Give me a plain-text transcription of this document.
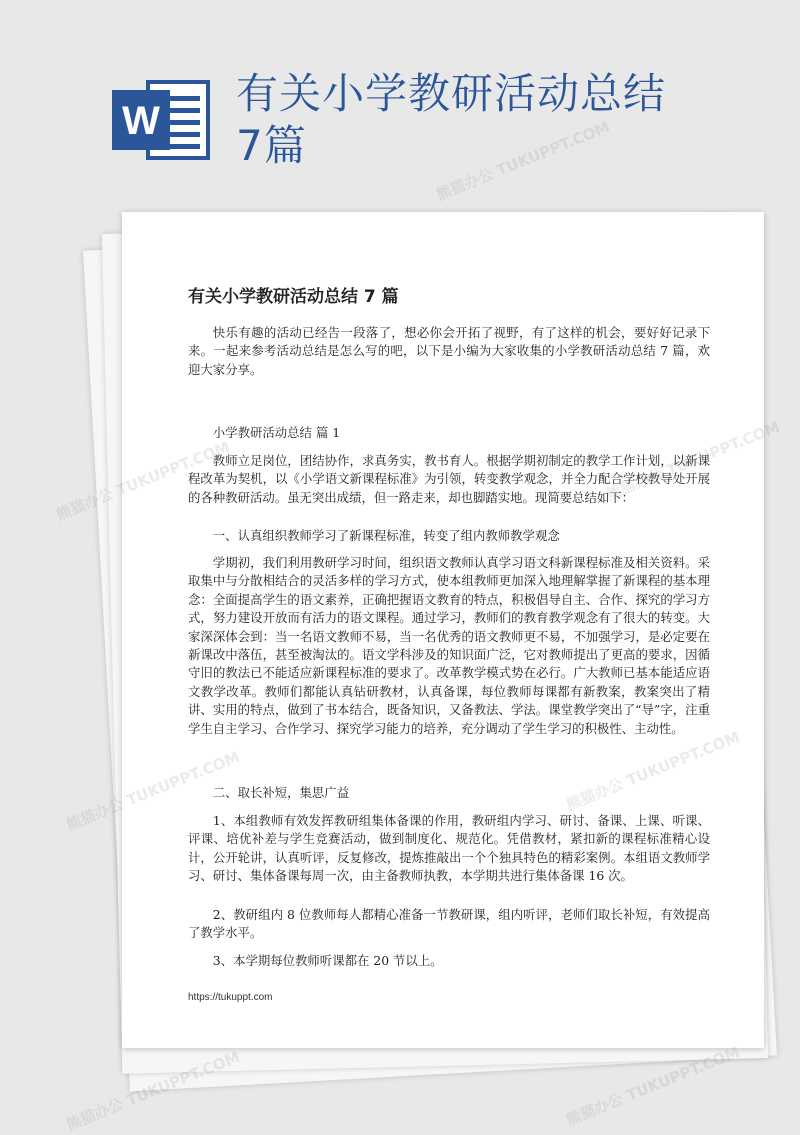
W
有关小学教研活动总结
7篇
有关小学教研活动总结 7 篇

快乐有趣的活动已经告一段落了，想必你会开拓了视野，有了这样的机会，要好好记录下来。一起来参考活动总结是怎么写的吧，以下是小编为大家收集的小学教研活动总结 7 篇，欢迎大家分享。

小学教研活动总结 篇 1

教师立足岗位，团结协作，求真务实，教书育人。根据学期初制定的教学工作计划，以新课程改革为契机，以《小学语文新课程标准》为引领，转变教学观念，并全力配合学校教导处开展的各种教研活动。虽无突出成绩，但一路走来，却也脚踏实地。现简要总结如下：

一、认真组织教师学习了新课程标准，转变了组内教师教学观念

学期初，我们利用教研学习时间，组织语文教师认真学习语文科新课程标准及相关资料。采取集中与分散相结合的灵活多样的学习方式，使本组教师更加深入地理解掌握了新课程的基本理念：全面提高学生的语文素养，正确把握语文教育的特点，积极倡导自主、合作、探究的学习方式，努力建设开放而有活力的语文课程。通过学习，教师们的教育教学观念有了很大的转变。大家深深体会到：当一名语文教师不易，当一名优秀的语文教师更不易，不加强学习，是必定要在新课改中落伍，甚至被淘汰的。语文学科涉及的知识面广泛，它对教师提出了更高的要求，因循守旧的教法已不能适应新课程标准的要求了。改革教学模式势在必行。广大教师已基本能适应语文教学改革。教师们都能认真钻研教材，认真备课，每位教师每课都有新教案，教案突出了精讲、实用的特点，做到了书本结合，既备知识，又备教法、学法。课堂教学突出了“导”字，注重学生自主学习、合作学习、探究学习能力的培养，充分调动了学生学习的积极性、主动性。

二、取长补短，集思广益

1、本组教师有效发挥教研组集体备课的作用，教研组内学习、研讨、备课、上课、听课、评课、培优补差与学生竞赛活动，做到制度化、规范化。凭借教材，紧扣新的课程标准精心设计，公开轮讲，认真听评，反复修改，提炼推敲出一个个独具特色的精彩案例。本组语文教师学习、研讨、集体备课每周一次，由主备教师执教，本学期共进行集体备课 16 次。

2、教研组内 8 位教师每人都精心准备一节教研课，组内听评，老师们取长补短，有效提高了教学水平。

3、本学期每位教师听课都在 20 节以上。

https://tukuppt.com
熊猫办公 TUKUPPT.COM
熊猫办公
熊猫办公
熊猫办公 TUKUPPT.COM	熊猫办公 TUKUPPT.COM
